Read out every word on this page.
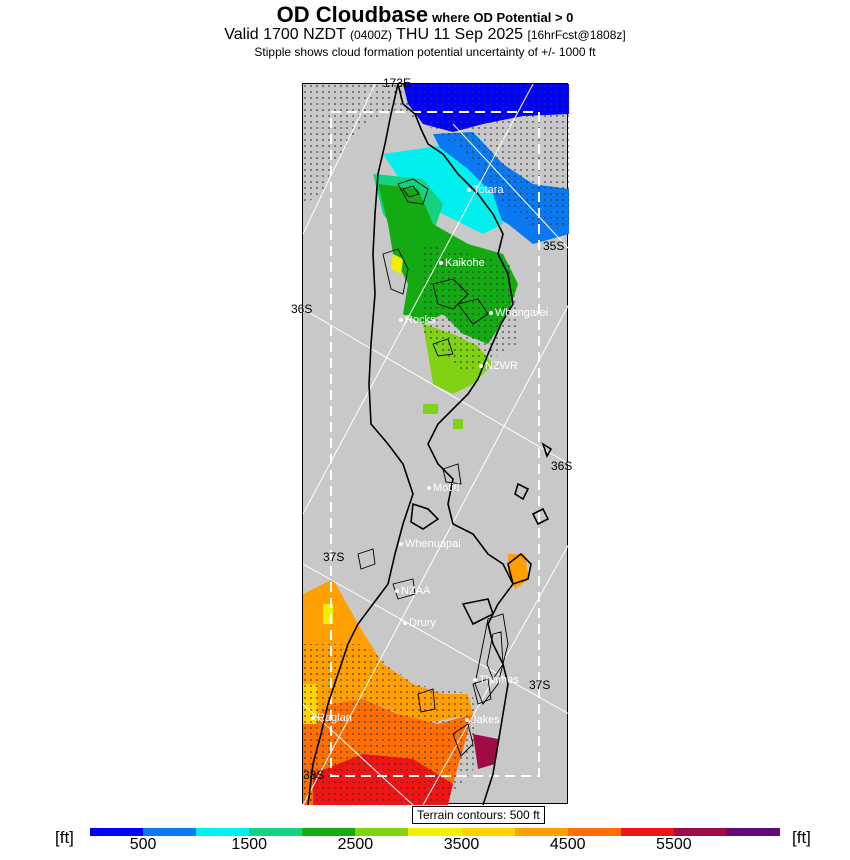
OD Cloudbase where OD Potential > 0
Valid 1700 NZDT (0400Z) THU 11 Sep 2025 [16hrFcst@1808z]
Stipple shows cloud formation potential uncertainty of +/- 1000 ft
173E
35S
36S
37S
37S
38S
Totara
Kaikohe
Rocks
Whangarei
NZWR
Motiti
Whenuapai
NZAA
Drury
Thames
Raglan	Jakes
36S
Terrain contours: 500 ft
[ft]	[ft]
500	1500	2500	3500	4500	5500
